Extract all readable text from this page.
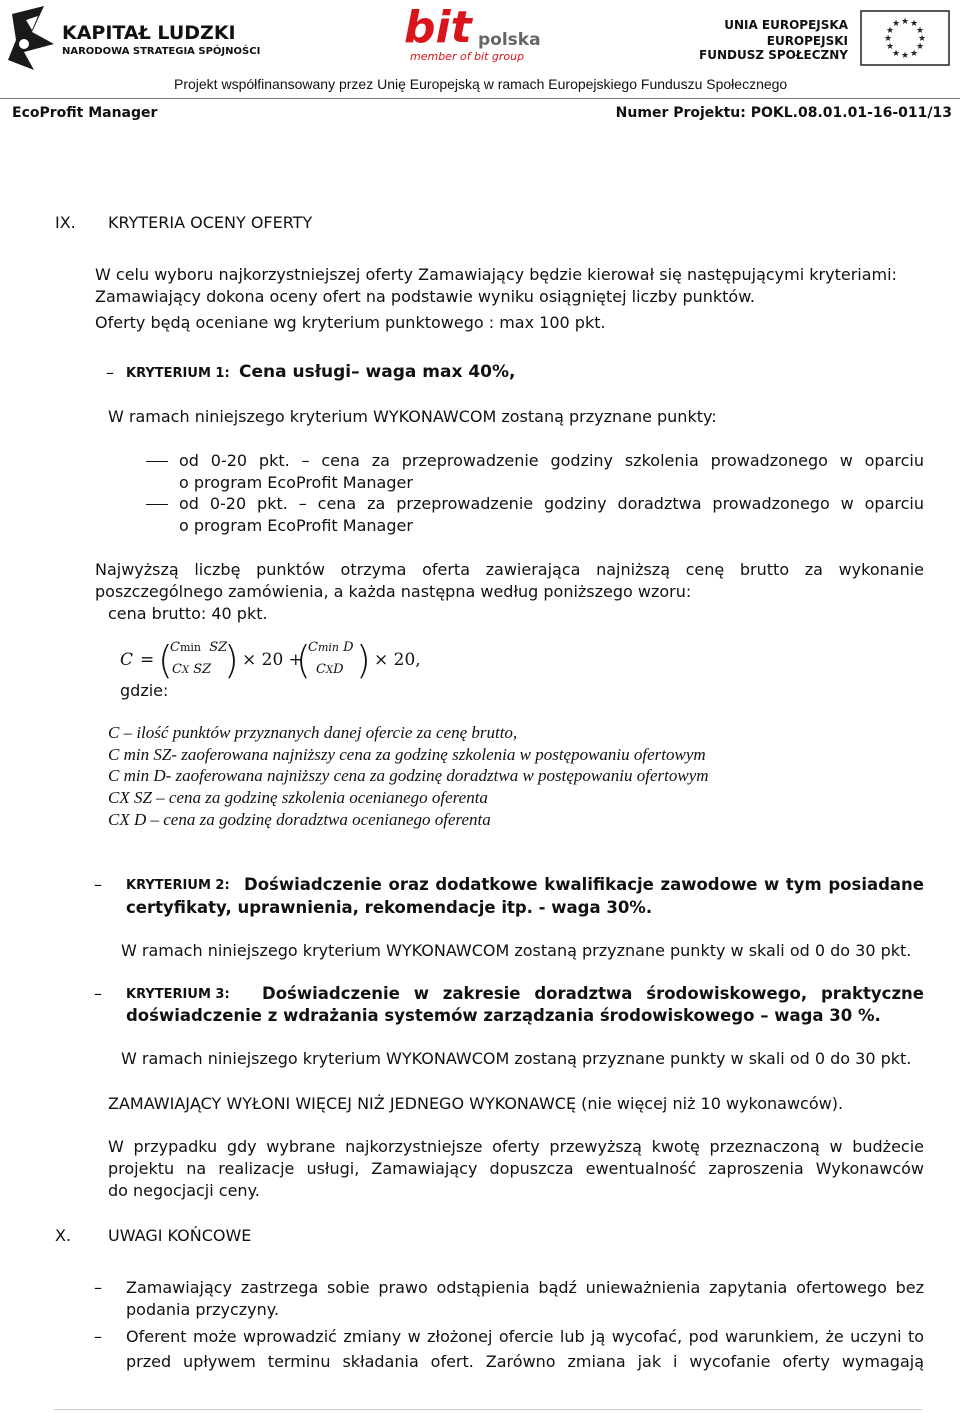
KAPITAŁ LUDZKI
NARODOWA STRATEGIA SPÓJNOŚCI	bit polska
member of bit group
UNIA EUROPEJSKA
EUROPEJSKI
FUNDUSZ SPOŁECZNY
★ ★
★
★
★
★
★
★
★
★
★
★
Projekt współfinansowany przez Unię Europejską w ramach Europejskiego Funduszu Społecznego
EcoProfit Manager	Numer Projektu: POKL.08.01.01-16-011/13
IX. KRYTERIA OCENY OFERTY
W celu wyboru najkorzystniejszej oferty Zamawiający będzie kierował się następującymi kryteriami:
Zamawiający dokona oceny ofert na podstawie wyniku osiągniętej liczby punktów.
Oferty będą oceniane wg kryterium punktowego : max 100 pkt.
– KRYTERIUM 1: Cena usługi– waga max 40%,
W ramach niniejszego kryterium WYKONAWCOM zostaną przyznane punkty:
od 0-20 pkt. – cena za przeprowadzenie godziny szkolenia prowadzonego w oparciu
o program EcoProfit Manager
od 0-20 pkt. – cena za przeprowadzenie godziny doradztwa prowadzonego w oparciu
o program EcoProfit Manager
Najwyższą liczbę punktów otrzyma oferta zawierająca najniższą cenę brutto za wykonanie
poszczególnego zamówienia, a każda następna według poniższego wzoru:
cena brutto: 40 pkt.
C = (
Cmin SZ
CX SZ ) × 20 +
(
Cmin D
CXD ) × 20,
gdzie:
C – ilość punktów przyznanych danej ofercie za cenę brutto,
C min SZ- zaoferowana najniższy cena za godzinę szkolenia w postępowaniu ofertowym
C min D- zaoferowana najniższy cena za godzinę doradztwa w postępowaniu ofertowym
CX SZ – cena za godzinę szkolenia ocenianego oferenta
CX D – cena za godzinę doradztwa ocenianego oferenta
– KRYTERIUM 2: Doświadczenie oraz dodatkowe kwalifikacje zawodowe w tym posiadane
certyfikaty, uprawnienia, rekomendacje itp. - waga 30%.
W ramach niniejszego kryterium WYKONAWCOM zostaną przyznane punkty w skali od 0 do 30 pkt.
– KRYTERIUM 3: Doświadczenie w zakresie doradztwa środowiskowego, praktyczne
doświadczenie z wdrażania systemów zarządzania środowiskowego – waga 30 %.
W ramach niniejszego kryterium WYKONAWCOM zostaną przyznane punkty w skali od 0 do 30 pkt.
ZAMAWIAJĄCY WYŁONI WIĘCEJ NIŻ JEDNEGO WYKONAWCĘ (nie więcej niż 10 wykonawców).
W przypadku gdy wybrane najkorzystniejsze oferty przewyższą kwotę przeznaczoną w budżecie
projektu na realizacje usługi, Zamawiający dopuszcza ewentualność zaproszenia Wykonawców
do negocjacji ceny.
X. UWAGI KOŃCOWE
– Zamawiający zastrzega sobie prawo odstąpienia bądź unieważnienia zapytania ofertowego bez
podania przyczyny.
– Oferent może wprowadzić zmiany w złożonej ofercie lub ją wycofać, pod warunkiem, że uczyni to
przed upływem terminu składania ofert. Zarówno zmiana jak i wycofanie oferty wymagają
